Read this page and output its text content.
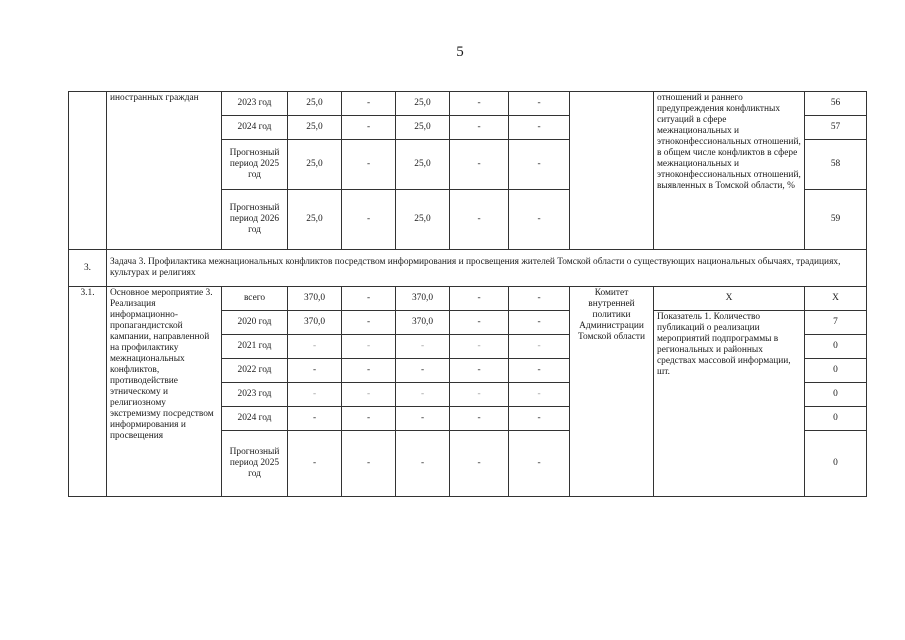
5
	иностранных граждан	2023 год	25,0	-	25,0	-	-		отношений и раннего предупреждения конфликтных ситуаций в сфере межнациональных и этноконфессиональных отношений, в общем числе конфликтов в сфере межнациональных и этноконфессиональных отношений, выявленных в Томской области, %	56
		2024 год	25,0	-	25,0	-	-			57
		Прогнозный период 2025 год	25,0	-	25,0	-	-			58
		Прогнозный период 2026 год	25,0	-	25,0	-	-			59
3.	Задача 3. Профилактика межнациональных конфликтов посредством информирования и просвещения жителей Томской области о существующих национальных обычаях, традициях, культурах и религиях									
3.1.	Основное мероприятие 3. Реализация информационно-пропагандистской кампании, направленной на профилактику межнациональных конфликтов, противодействие этническому и религиозному экстремизму посредством информирования и просвещения	всего	370,0	-	370,0	-	-	Комитет внутренней политики Администрации Томской области	Х	Х
		2020 год	370,0	-	370,0	-	-		Показатель 1. Количество публикаций о реализации мероприятий подпрограммы в региональных и районных средствах массовой информации, шт.	7
		2021 год	-	-	-	-	-			0
		2022 год	-	-	-	-	-			0
		2023 год	-	-	-	-	-			0
		2024 год	-	-	-	-	-			0
		Прогнозный период 2025 год	-	-	-	-	-			0
